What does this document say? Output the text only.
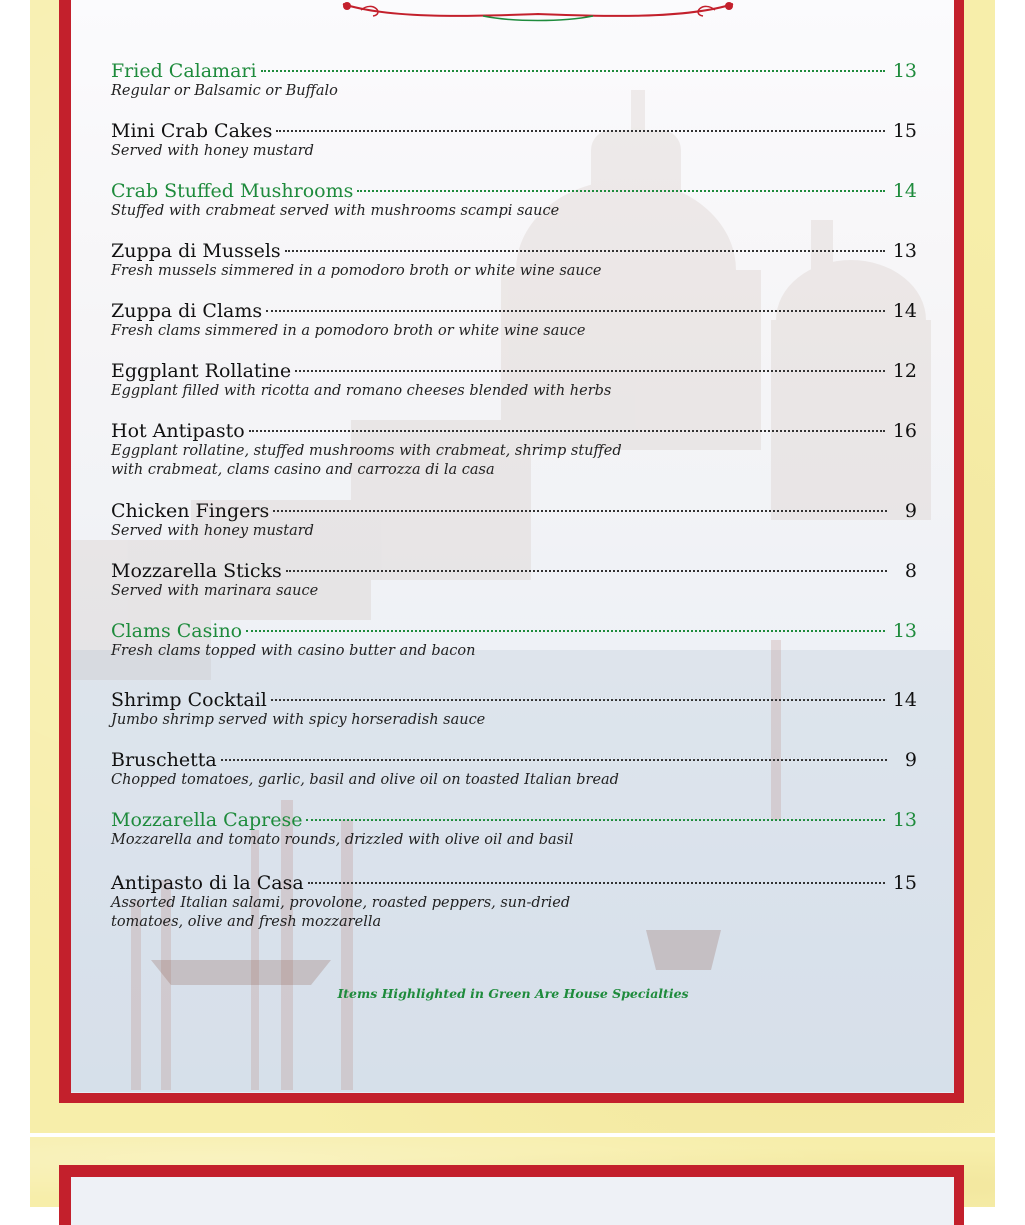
Fried Calamari	13
Regular or Balsamic or Buffalo
Mini Crab Cakes	15
Served with honey mustard
Crab Stuffed Mushrooms	14
Stuffed with crabmeat served with mushrooms scampi sauce
Zuppa di Mussels	13
Fresh mussels simmered in a pomodoro broth or white wine sauce
Zuppa di Clams	14
Fresh clams simmered in a pomodoro broth or white wine sauce
Eggplant Rollatine	12
Eggplant filled with ricotta and romano cheeses blended with herbs
Hot Antipasto	16
Eggplant rollatine, stuffed mushrooms with crabmeat, shrimp stuffed with crabmeat, clams casino and carrozza di la casa
Chicken Fingers	9
Served with honey mustard
Mozzarella Sticks	8
Served with marinara sauce
Clams Casino	13
Fresh clams topped with casino butter and bacon
Shrimp Cocktail	14
Jumbo shrimp served with spicy horseradish sauce
Bruschetta	9
Chopped tomatoes, garlic, basil and olive oil on toasted Italian bread
Mozzarella Caprese	13
Mozzarella and tomato rounds, drizzled with olive oil and basil
Antipasto di la Casa	15
Assorted Italian salami, provolone, roasted peppers, sun-dried tomatoes, olive and fresh mozzarella
Items Highlighted in Green Are House Specialties
